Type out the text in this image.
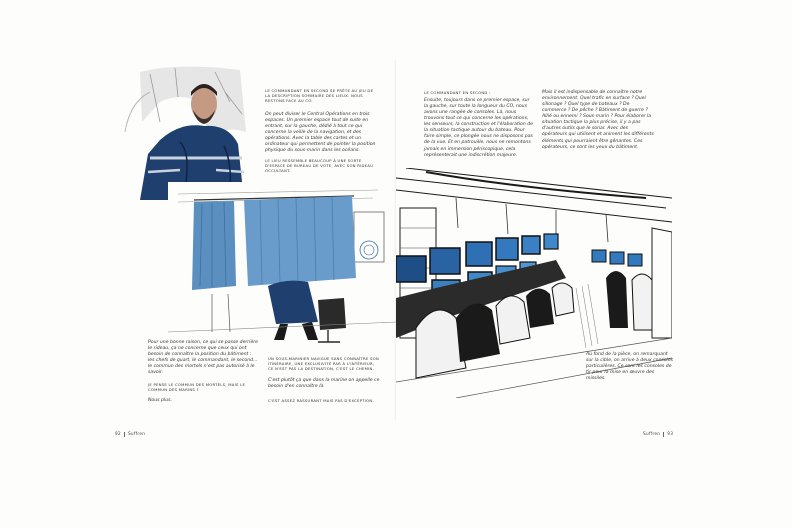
LE COMMANDANT EN SECOND SE PRÊTE AU JEU DE LA DESCRIPTION SOMMAIRE DES LIEUX. NOUS RESTONS FACE AU CO.
On peut diviser le Central Opérations en trois espaces. Un premier espace tout de suite en entrant, sur la gauche, dédié à tout ce qui concerne la veille de la navigation, et des opérations. Avec la table des cartes et un ordinateur qui permettent de pointer la position physique du sous-marin dans les océans.
LE LIEU RESSEMBLE BEAUCOUP À UNE SORTE D'ESPACE DE BUREAU DE VOTE, AVEC SON RIDEAU OCCULTANT.
Pour une bonne raison, ce qui se passe derrière le rideau, ça ne concerne que ceux qui ont besoin de connaître la position du bâtiment : les chefs de quart, le commandant, le second… le commun des mortels n'est pas autorisé à le savoir.
JE PENSE LE COMMUN DES MORTELS, MAIS LE COMMUN DES MARINS ?
Nous plus.
UN SOUS-MARINIER NAVIGUE SANS CONNAÎTRE SON ITINÉRAIRE, UNE EXCLUSIVITÉ PAR À L'INTÉRIEUR, CE N'EST PAS LA DESTINATION, C'EST LE CHEMIN.
C'est plutôt ça que dans la marine on appelle ce besoin d'en connaître là.
C'EST ASSEZ RASSURANT MAIS PAS D'EXCEPTION.
92 Suffren
LE COMMANDANT EN SECOND :
Ensuite, toujours dans ce premier espace, sur la gauche, sur toute la longueur du CO, nous avons une rangée de consoles. Là, nous trouvons tout ce qui concerne les opérations, les senseurs, la construction et l'élaboration de la situation tactique autour du bateau. Pour faire simple, ce plongée nous ne disposons pas de la vue. Et en patrouille, nous ne remontons jamais en immersion périscopique, cela représenterait une indiscrétion majeure.
Mais il est indispensable de connaître notre environnement. Quel trafic en surface ? Quel sillonage ? Quel type de bateaux ? De commerce ? De pêche ? Bâtiment de guerre ? Allié ou ennemi ? Sous-marin ? Pour élaborer la situation tactique la plus précise, il y a pas d'autres outils que le sonar. Avec des opérateurs qui utilisent et animent les différents éléments qui pourraient être gênantes. Ces opérateurs, ce sont les yeux du bâtiment.
Au fond de la pièce, on remarquant sur la cible, on arrive à deux consoles particulières. Ce sont les consoles de tir pour la mise en œuvre des missiles.
Suffren 93
